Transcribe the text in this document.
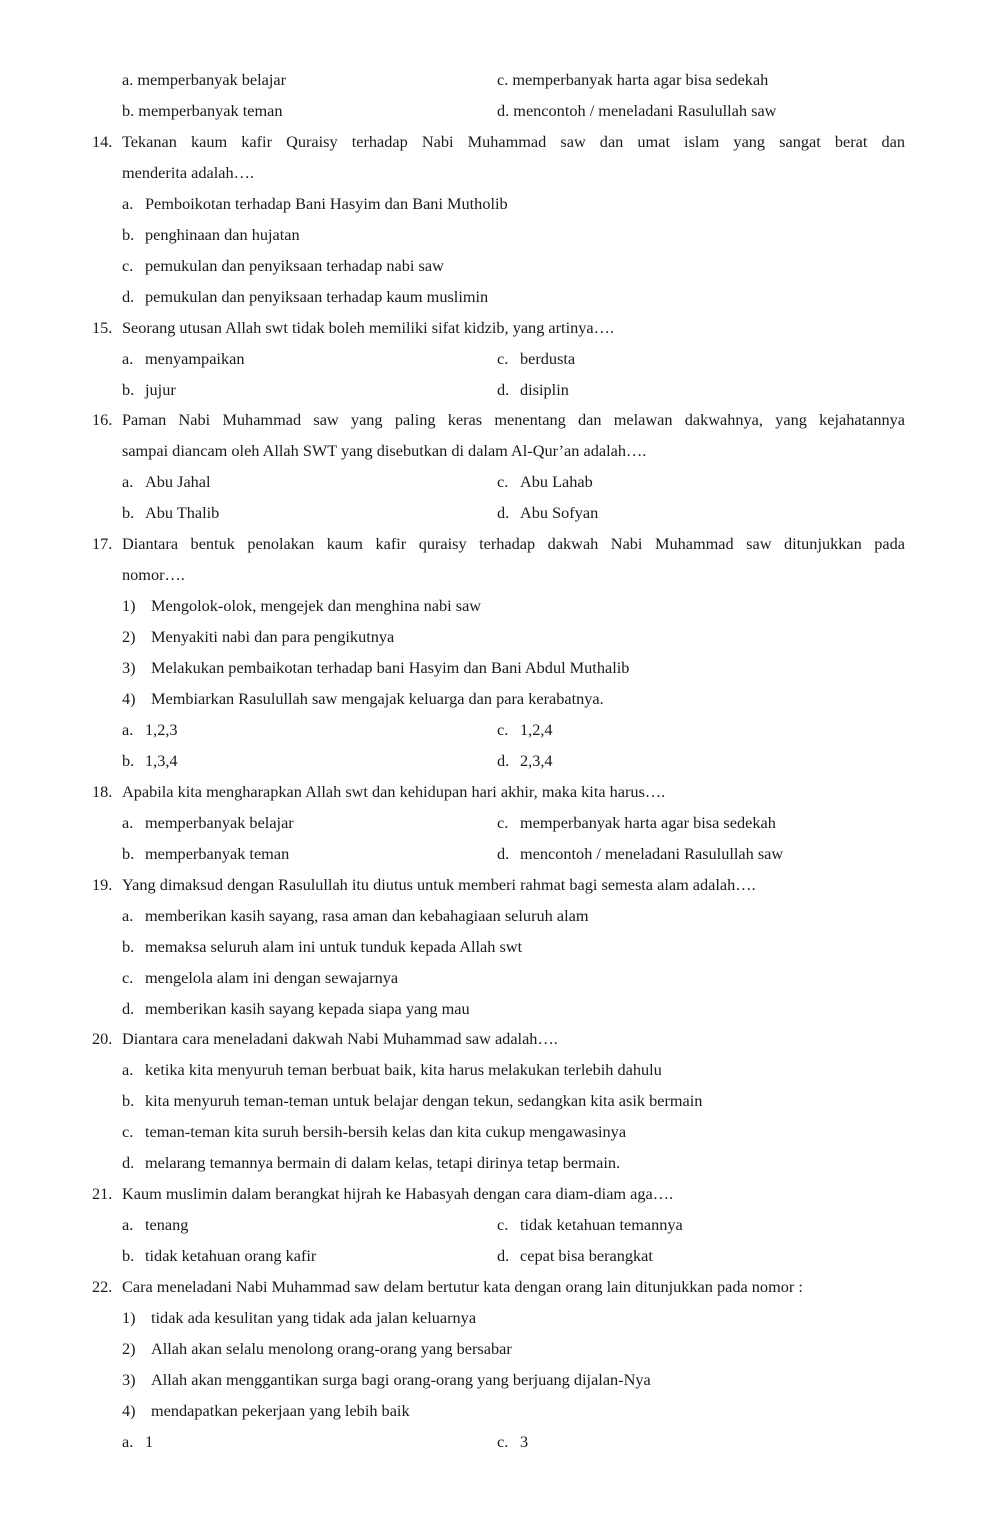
a. memperbanyak belajar	c. memperbanyak harta agar bisa sedekah
b. memperbanyak teman	d. mencontoh / meneladani Rasulullah saw
14. Tekanan kaum kafir Quraisy terhadap Nabi Muhammad saw dan umat islam yang sangat berat dan
menderita adalah….
a. Pemboikotan terhadap Bani Hasyim dan Bani Mutholib
b. penghinaan dan hujatan
c. pemukulan dan penyiksaan terhadap nabi saw
d. pemukulan dan penyiksaan terhadap kaum muslimin
15. Seorang utusan Allah swt tidak boleh memiliki sifat kidzib, yang artinya….
a. menyampaikan	c. berdusta
b. jujur	d. disiplin
16. Paman Nabi Muhammad saw yang paling keras menentang dan melawan dakwahnya, yang kejahatannya
sampai diancam oleh Allah SWT yang disebutkan di dalam Al-Qur’an adalah….
a. Abu Jahal	c. Abu Lahab
b. Abu Thalib	d. Abu Sofyan
17. Diantara bentuk penolakan kaum kafir quraisy terhadap dakwah Nabi Muhammad saw ditunjukkan pada
nomor….
1) Mengolok-olok, mengejek dan menghina nabi saw
2) Menyakiti nabi dan para pengikutnya
3) Melakukan pembaikotan terhadap bani Hasyim dan Bani Abdul Muthalib
4) Membiarkan Rasulullah saw mengajak keluarga dan para kerabatnya.
a. 1,2,3	c. 1,2,4
b. 1,3,4	d. 2,3,4
18. Apabila kita mengharapkan Allah swt dan kehidupan hari akhir, maka kita harus….
a. memperbanyak belajar	c. memperbanyak harta agar bisa sedekah
b. memperbanyak teman	d. mencontoh / meneladani Rasulullah saw
19. Yang dimaksud dengan Rasulullah itu diutus untuk memberi rahmat bagi semesta alam adalah….
a. memberikan kasih sayang, rasa aman dan kebahagiaan seluruh alam
b. memaksa seluruh alam ini untuk tunduk kepada Allah swt
c. mengelola alam ini dengan sewajarnya
d. memberikan kasih sayang kepada siapa yang mau
20. Diantara cara meneladani dakwah Nabi Muhammad saw adalah….
a. ketika kita menyuruh teman berbuat baik, kita harus melakukan terlebih dahulu
b. kita menyuruh teman-teman untuk belajar dengan tekun, sedangkan kita asik bermain
c. teman-teman kita suruh bersih-bersih kelas dan kita cukup mengawasinya
d. melarang temannya bermain di dalam kelas, tetapi dirinya tetap bermain.
21. Kaum muslimin dalam berangkat hijrah ke Habasyah dengan cara diam-diam aga….
a. tenang	c. tidak ketahuan temannya
b. tidak ketahuan orang kafir	d. cepat bisa berangkat
22. Cara meneladani Nabi Muhammad saw delam bertutur kata dengan orang lain ditunjukkan pada nomor :
1) tidak ada kesulitan yang tidak ada jalan keluarnya
2) Allah akan selalu menolong orang-orang yang bersabar
3) Allah akan menggantikan surga bagi orang-orang yang berjuang dijalan-Nya
4) mendapatkan pekerjaan yang lebih baik
a. 1	c. 3
